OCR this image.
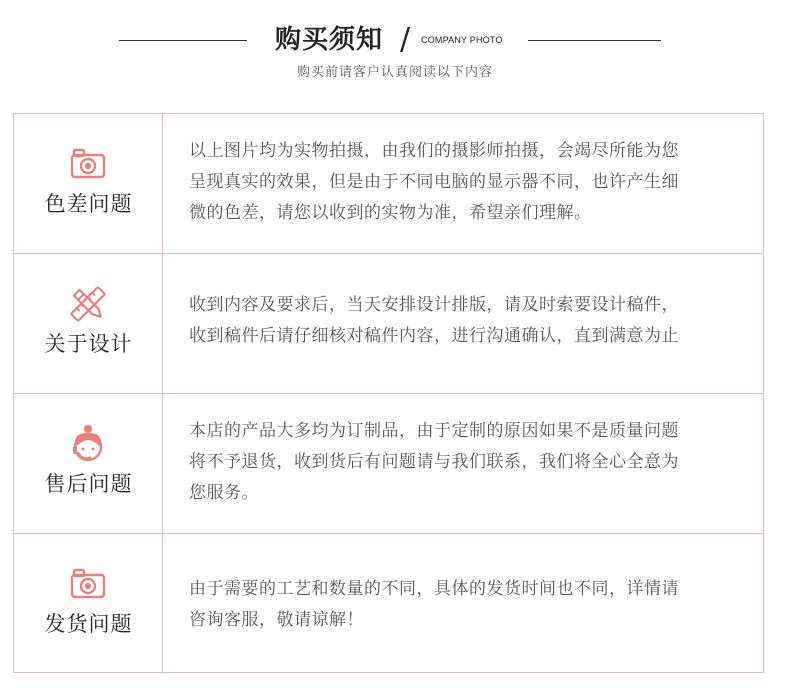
购买须知 / COMPANY PHOTO
购买前请客户认真阅读以下内容
色差问题
以上图片均为实物拍摄，由我们的摄影师拍摄，会竭尽所能为您
呈现真实的效果，但是由于不同电脑的显示器不同，也许产生细
微的色差，请您以收到的实物为准，希望亲们理解。
关于设计
收到内容及要求后，当天安排设计排版，请及时索要设计稿件，
收到稿件后请仔细核对稿件内容，进行沟通确认，直到满意为止
售后问题
本店的产品大多均为订制品，由于定制的原因如果不是质量问题
将不予退货，收到货后有问题请与我们联系，我们将全心全意为
您服务。
发货问题
由于需要的工艺和数量的不同，具体的发货时间也不同，详情请
咨询客服，敬请谅解！
